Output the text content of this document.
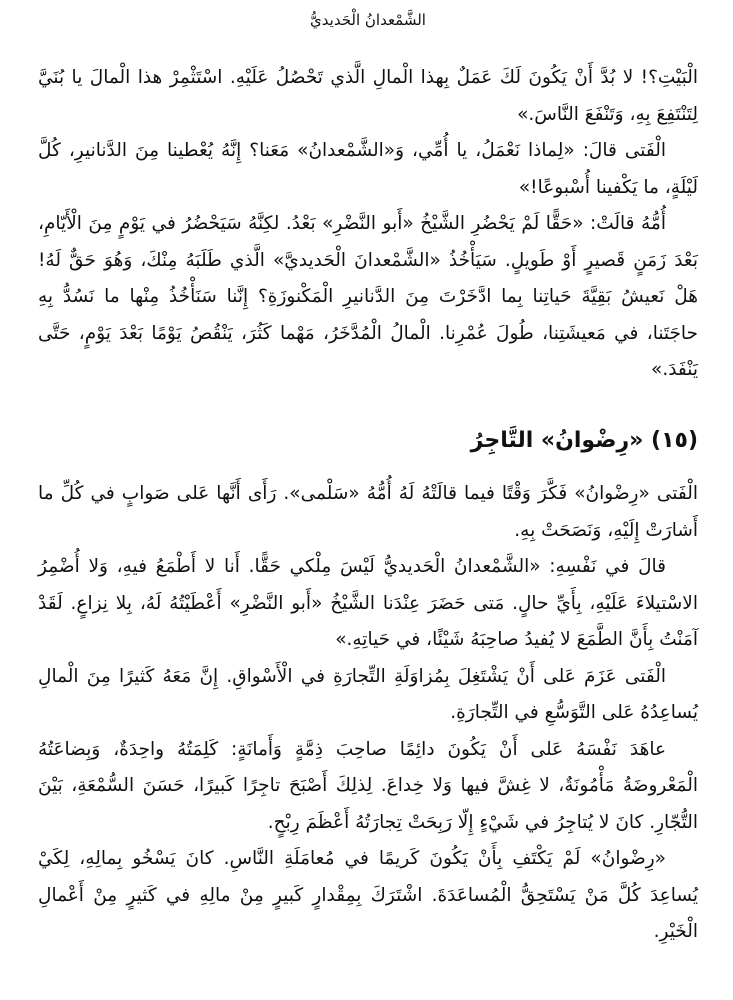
الشَّمْعدانُ الْحَديديُّ

الْبَيْتِ؟! لا بُدَّ أَنْ يَكُونَ لَكَ عَمَلٌ بِهذا الْمالِ الَّذي تَحْصُلُ عَلَيْهِ. اسْتَثْمِرْ هذا الْمالَ يا بُنَيَّ لِتَنْتَفِعَ بِهِ، وَتَنْفَعَ النَّاسَ.»

الْفَتى قالَ: «لِماذا نَعْمَلُ، يا أُمِّي، وَ«الشَّمْعدانُ» مَعَنا؟ إِنَّهُ يُعْطينا مِنَ الدَّنانيرِ، كُلَّ لَيْلَةٍ، ما يَكْفينا أُسْبوعًا!»

أُمُّهُ قالَتْ: «حَقًّا لَمْ يَحْضُرِ الشَّيْخُ «أَبو النَّضْرِ» بَعْدُ. لكِنَّهُ سَيَحْضُرُ في يَوْمٍ مِنَ الْأَيّامِ، بَعْدَ زَمَنٍ قَصيرٍ أَوْ طَويلٍ. سَيَأْخُذُ «الشَّمْعدانَ الْحَديديَّ» الَّذي طَلَبَهُ مِنْكَ، وَهُوَ حَقٌّ لَهُ! هَلْ نَعيشُ بَقِيَّةَ حَياتِنا بِما ادَّخَرْتَ مِنَ الدَّنانيرِ الْمَكْنوزَةِ؟ إِنَّنا سَنَأْخُذُ مِنْها ما نَسُدُّ بِهِ حاجَتَنا، في مَعيشَتِنا، طُولَ عُمْرِنا. الْمالُ الْمُدَّخَرُ، مَهْما كَثُرَ، يَنْقُصُ يَوْمًا بَعْدَ يَوْمٍ، حَتَّى يَنْفَدَ.»

(١٥) «رِضْوانُ» التَّاجِرُ

الْفَتى «رِضْوانُ» فَكَّرَ وَقْتًا فيما قالَتْهُ لَهُ أُمُّهُ «سَلْمى». رَأَى أَنَّها عَلى صَوابٍ في كُلِّ ما أَشارَتْ إِلَيْهِ، وَنَصَحَتْ بِهِ.

قالَ في نَفْسِهِ: «الشَّمْعدانُ الْحَديديُّ لَيْسَ مِلْكي حَقًّا. أَنا لا أَطْمَعُ فيهِ، وَلا أُضْمِرُ الاسْتيلاءَ عَلَيْهِ، بِأَيِّ حالٍ. مَتى حَضَرَ عِنْدَنا الشَّيْخُ «أَبو النَّضْرِ» أَعْطَيْتُهُ لَهُ، بِلا نِزاعٍ. لَقَدْ آمَنْتُ بِأَنَّ الطَّمَعَ لا يُفيدُ صاحِبَهُ شَيْئًا، في حَياتِهِ.»

الْفَتى عَزَمَ عَلى أَنْ يَشْتَغِلَ بِمُزاوَلَةِ التِّجارَةِ في الْأَسْواقِ. إِنَّ مَعَهُ كَثيرًا مِنَ الْمالِ يُساعِدُهُ عَلى التَّوَسُّعِ في التِّجارَةِ.

عاهَدَ نَفْسَهُ عَلى أَنْ يَكُونَ دائِمًا صاحِبَ ذِمَّةٍ وَأَمانَةٍ: كَلِمَتُهُ واحِدَةٌ، وَبِضاعَتُهُ الْمَعْروضَةُ مَأْمُونَةٌ، لا غِشَّ فيها وَلا خِداعَ. لِذلِكَ أَصْبَحَ تاجِرًا كَبيرًا، حَسَنَ السُّمْعَةِ، بَيْنَ التُّجّارِ. كانَ لا يُتاجِرُ في شَيْءٍ إِلّا رَبِحَتْ تِجارَتُهُ أَعْظَمَ رِبْحٍ.

«رِضْوانُ» لَمْ يَكْتَفِ بِأَنْ يَكُونَ كَريمًا في مُعامَلَةِ النَّاسِ. كانَ يَسْخُو بِمالِهِ، لِكَيْ يُساعِدَ كُلَّ مَنْ يَسْتَحِقُّ الْمُساعَدَةَ. اشْتَرَكَ بِمِقْدارٍ كَبيرٍ مِنْ مالِهِ في كَثيرٍ مِنْ أَعْمالِ الْخَيْرِ.
